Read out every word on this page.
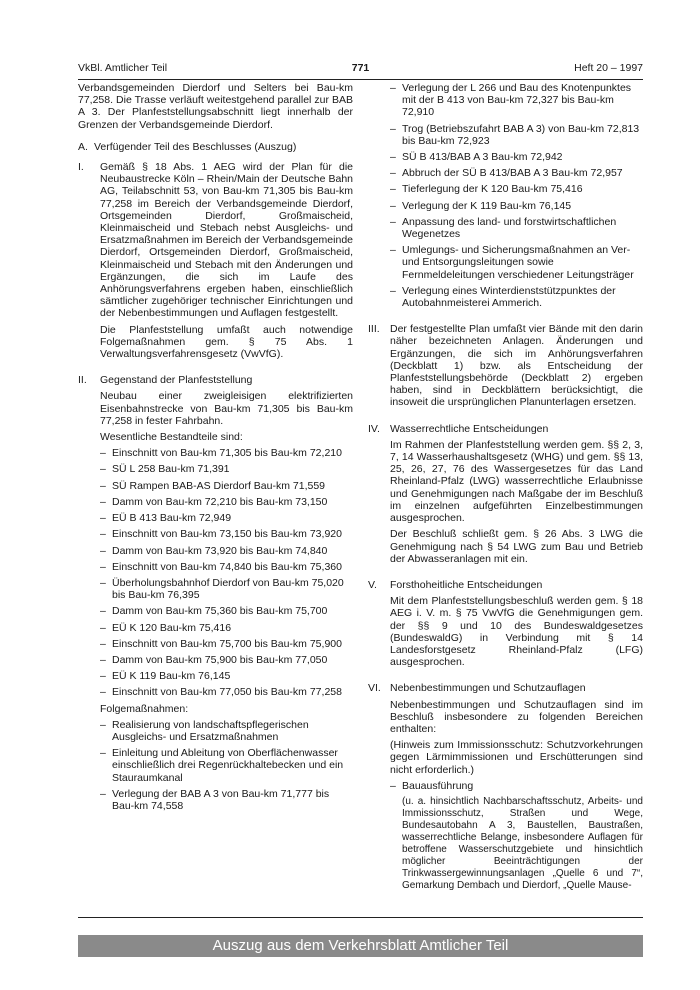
VkBl. Amtlicher Teil	771	Heft 20 – 1997

Verbandsgemeinden Dierdorf und Selters bei Bau-km 77,258. Die Trasse verläuft weitestgehend parallel zur BAB A 3. Der Planfeststellungsabschnitt liegt innerhalb der Grenzen der Verbandsgemeinde Dierdorf.

A. Verfügender Teil des Beschlusses (Auszug)
I.	Gemäß § 18 Abs. 1 AEG wird der Plan für die Neubaustrecke Köln – Rhein/Main der Deutsche Bahn AG, Teilabschnitt 53, von Bau-km 71,305 bis Bau-km 77,258 im Bereich der Verbandsgemeinde Dierdorf, Ortsgemeinden Dierdorf, Großmaischeid, Kleinmaischeid und Stebach nebst Ausgleichs- und Ersatzmaßnahmen im Bereich der Verbandsgemeinde Dierdorf, Ortsgemeinden Dierdorf, Großmaischeid, Kleinmaischeid und Stebach mit den Änderungen und Ergänzungen, die sich im Laufe des Anhörungsverfahrens ergeben haben, einschließlich sämtlicher zugehöriger technischer Einrichtungen und der Nebenbestimmungen und Auflagen festgestellt.

Die Planfeststellung umfaßt auch notwendige Folgemaßnahmen gem. § 75 Abs. 1 Verwaltungsverfahrensgesetz (VwVfG).

II.	Gegenstand der Planfeststellung

Neubau einer zweigleisigen elektrifizierten Eisenbahnstrecke von Bau-km 71,305 bis Bau-km 77,258 in fester Fahrbahn.

Wesentliche Bestandteile sind:

– Einschnitt von Bau-km 71,305 bis Bau-km 72,210
– SÜ L 258 Bau-km 71,391
– SÜ Rampen BAB-AS Dierdorf Bau-km 71,559
– Damm von Bau-km 72,210 bis Bau-km 73,150
– EÜ B 413 Bau-km 72,949
– Einschnitt von Bau-km 73,150 bis Bau-km 73,920
– Damm von Bau-km 73,920 bis Bau-km 74,840
– Einschnitt von Bau-km 74,840 bis Bau-km 75,360
– Überholungsbahnhof Dierdorf von Bau-km 75,020 bis Bau-km 76,395
– Damm von Bau-km 75,360 bis Bau-km 75,700
– EÜ K 120 Bau-km 75,416
– Einschnitt von Bau-km 75,700 bis Bau-km 75,900
– Damm von Bau-km 75,900 bis Bau-km 77,050
– EÜ K 119 Bau-km 76,145
– Einschnitt von Bau-km 77,050 bis Bau-km 77,258

Folgemaßnahmen:

– Realisierung von landschaftspflegerischen Ausgleichs- und Ersatzmaßnahmen
– Einleitung und Ableitung von Oberflächenwasser einschließlich drei Regenrückhaltebecken und ein Stauraumkanal
– Verlegung der BAB A 3 von Bau-km 71,777 bis Bau-km 74,558
– Verlegung der L 266 und Bau des Knotenpunktes mit der B 413 von Bau-km 72,327 bis Bau-km 72,910
– Trog (Betriebszufahrt BAB A 3) von Bau-km 72,813 bis Bau-km 72,923
– SÜ B 413/BAB A 3 Bau-km 72,942
– Abbruch der SÜ B 413/BAB A 3 Bau-km 72,957
– Tieferlegung der K 120 Bau-km 75,416
– Verlegung der K 119 Bau-km 76,145
– Anpassung des land- und forstwirtschaftlichen Wegenetzes
– Umlegungs- und Sicherungsmaßnahmen an Ver- und Entsorgungsleitungen sowie Fernmeldeleitungen verschiedener Leitungsträger
– Verlegung eines Winterdienststützpunktes der Autobahnmeisterei Ammerich.
III. Der festgestellte Plan umfaßt vier Bände mit den darin näher bezeichneten Anlagen. Änderungen und Ergänzungen, die sich im Anhörungsverfahren (Deckblatt 1) bzw. als Entscheidung der Planfeststellungsbehörde (Deckblatt 2) ergeben haben, sind in Deckblättern berücksichtigt, die insoweit die ursprünglichen Planunterlagen ersetzen.

IV. Wasserrechtliche Entscheidungen

Im Rahmen der Planfeststellung werden gem. §§ 2, 3, 7, 14 Wasserhaushaltsgesetz (WHG) und gem. §§ 13, 25, 26, 27, 76 des Wassergesetzes für das Land Rheinland-Pfalz (LWG) wasserrechtliche Erlaubnisse und Genehmigungen nach Maßgabe der im Beschluß im einzelnen aufgeführten Einzelbestimmungen ausgesprochen.

Der Beschluß schließt gem. § 26 Abs. 3 LWG die Genehmigung nach § 54 LWG zum Bau und Betrieb der Abwasseranlagen mit ein.

V.	Forsthoheitliche Entscheidungen

Mit dem Planfeststellungsbeschluß werden gem. § 18 AEG i. V. m. § 75 VwVfG die Genehmigungen gem. der §§ 9 und 10 des Bundeswaldgesetzes (BundeswaldG) in Verbindung mit § 14 Landesforstgesetz Rheinland-Pfalz (LFG) ausgesprochen.

VI. Nebenbestimmungen und Schutzauflagen

Nebenbestimmungen und Schutzauflagen sind im Beschluß insbesondere zu folgenden Bereichen enthalten:

(Hinweis zum Immissionsschutz: Schutzvorkehrungen gegen Lärmimmissionen und Erschütterungen sind nicht erforderlich.)

– Bauausführung
(u. a. hinsichtlich Nachbarschaftsschutz, Arbeits- und Immissionsschutz, Straßen und Wege, Bundesautobahn A 3, Baustellen, Baustraßen, wasserrechtliche Belange, insbesondere Auflagen für betroffene Wasserschutzgebiete und hinsichtlich möglicher Beeinträchtigungen der Trinkwassergewinnungsanlagen „Quelle 6 und 7“, Gemarkung Dembach und Dierdorf, „Quelle Mause-
Auszug aus dem Verkehrsblatt Amtlicher Teil
